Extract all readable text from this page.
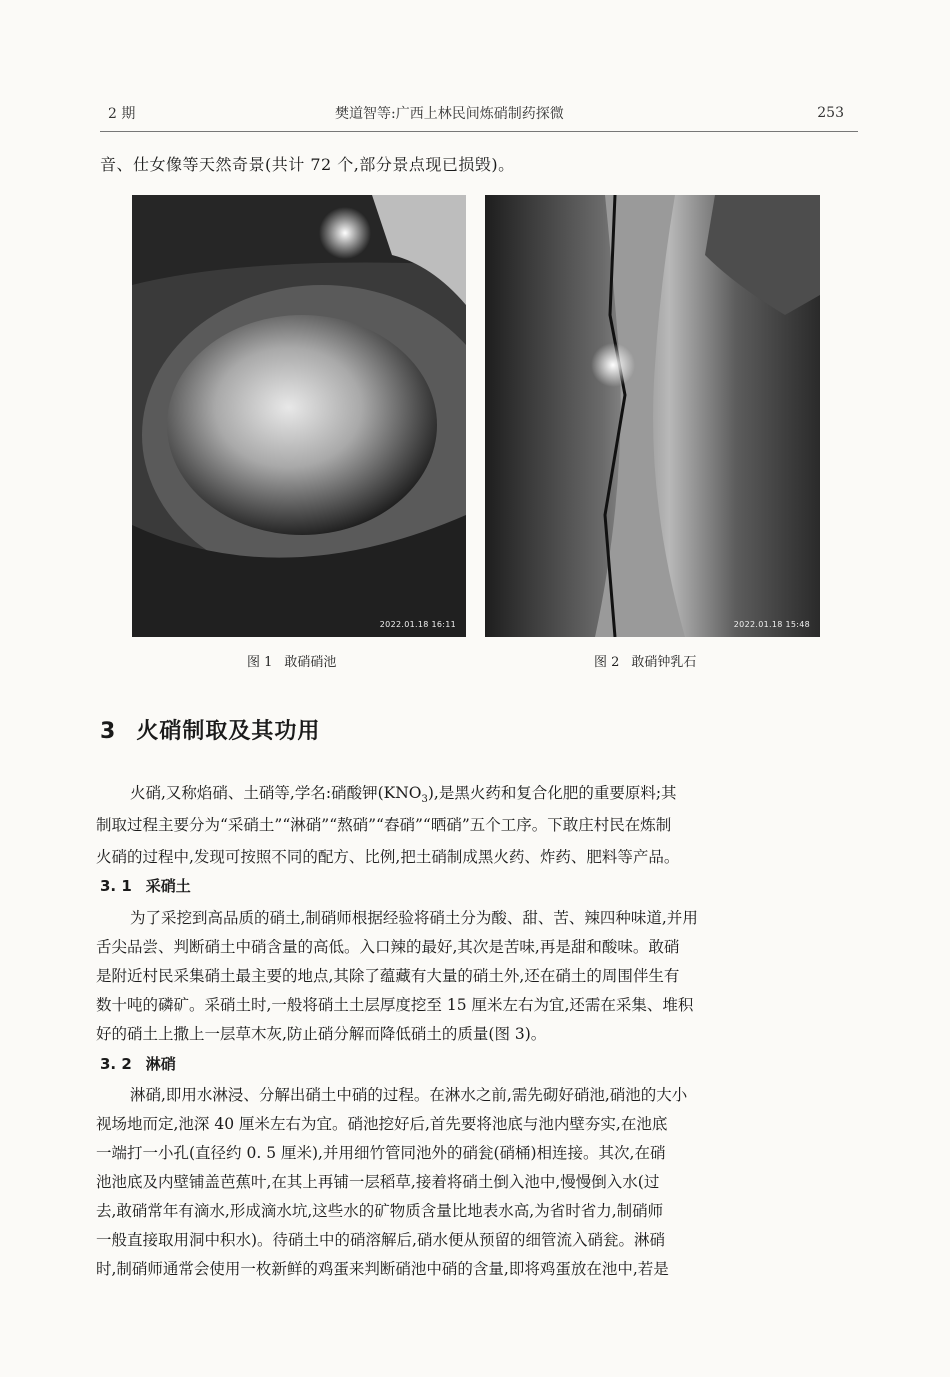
2 期	樊道智等:广西上林民间炼硝制药探微	253
音、仕女像等天然奇景(共计 72 个,部分景点现已损毁)。
2022.01.18 16:11
图 1 敢硝硝池
2022.01.18 15:48
图 2 敢硝钟乳石
3 火硝制取及其功用
火硝,又称焰硝、土硝等,学名:硝酸钾$(KNO_3)$,是黑火药和复合化肥的重要原料;其
制取过程主要分为“采硝土”“淋硝”“熬硝”“舂硝”“晒硝”五个工序。下敢庄村民在炼制
火硝的过程中,发现可按照不同的配方、比例,把土硝制成黑火药、炸药、肥料等产品。
3. 1 采硝土
为了采挖到高品质的硝土,制硝师根据经验将硝土分为酸、甜、苦、辣四种味道,并用
舌尖品尝、判断硝土中硝含量的高低。入口辣的最好,其次是苦味,再是甜和酸味。敢硝
是附近村民采集硝土最主要的地点,其除了蕴藏有大量的硝土外,还在硝土的周围伴生有
数十吨的磷矿。采硝土时,一般将硝土土层厚度挖至 15 厘米左右为宜,还需在采集、堆积
好的硝土上撒上一层草木灰,防止硝分解而降低硝土的质量(图 3)。
3. 2 淋硝
淋硝,即用水淋浸、分解出硝土中硝的过程。在淋水之前,需先砌好硝池,硝池的大小
视场地而定,池深 40 厘米左右为宜。硝池挖好后,首先要将池底与池内壁夯实,在池底
一端打一小孔(直径约 0. 5 厘米),并用细竹管同池外的硝瓮(硝桶)相连接。其次,在硝
池池底及内壁铺盖芭蕉叶,在其上再铺一层稻草,接着将硝土倒入池中,慢慢倒入水(过
去,敢硝常年有滴水,形成滴水坑,这些水的矿物质含量比地表水高,为省时省力,制硝师
一般直接取用洞中积水)。待硝土中的硝溶解后,硝水便从预留的细管流入硝瓮。淋硝
时,制硝师通常会使用一枚新鲜的鸡蛋来判断硝池中硝的含量,即将鸡蛋放在池中,若是
